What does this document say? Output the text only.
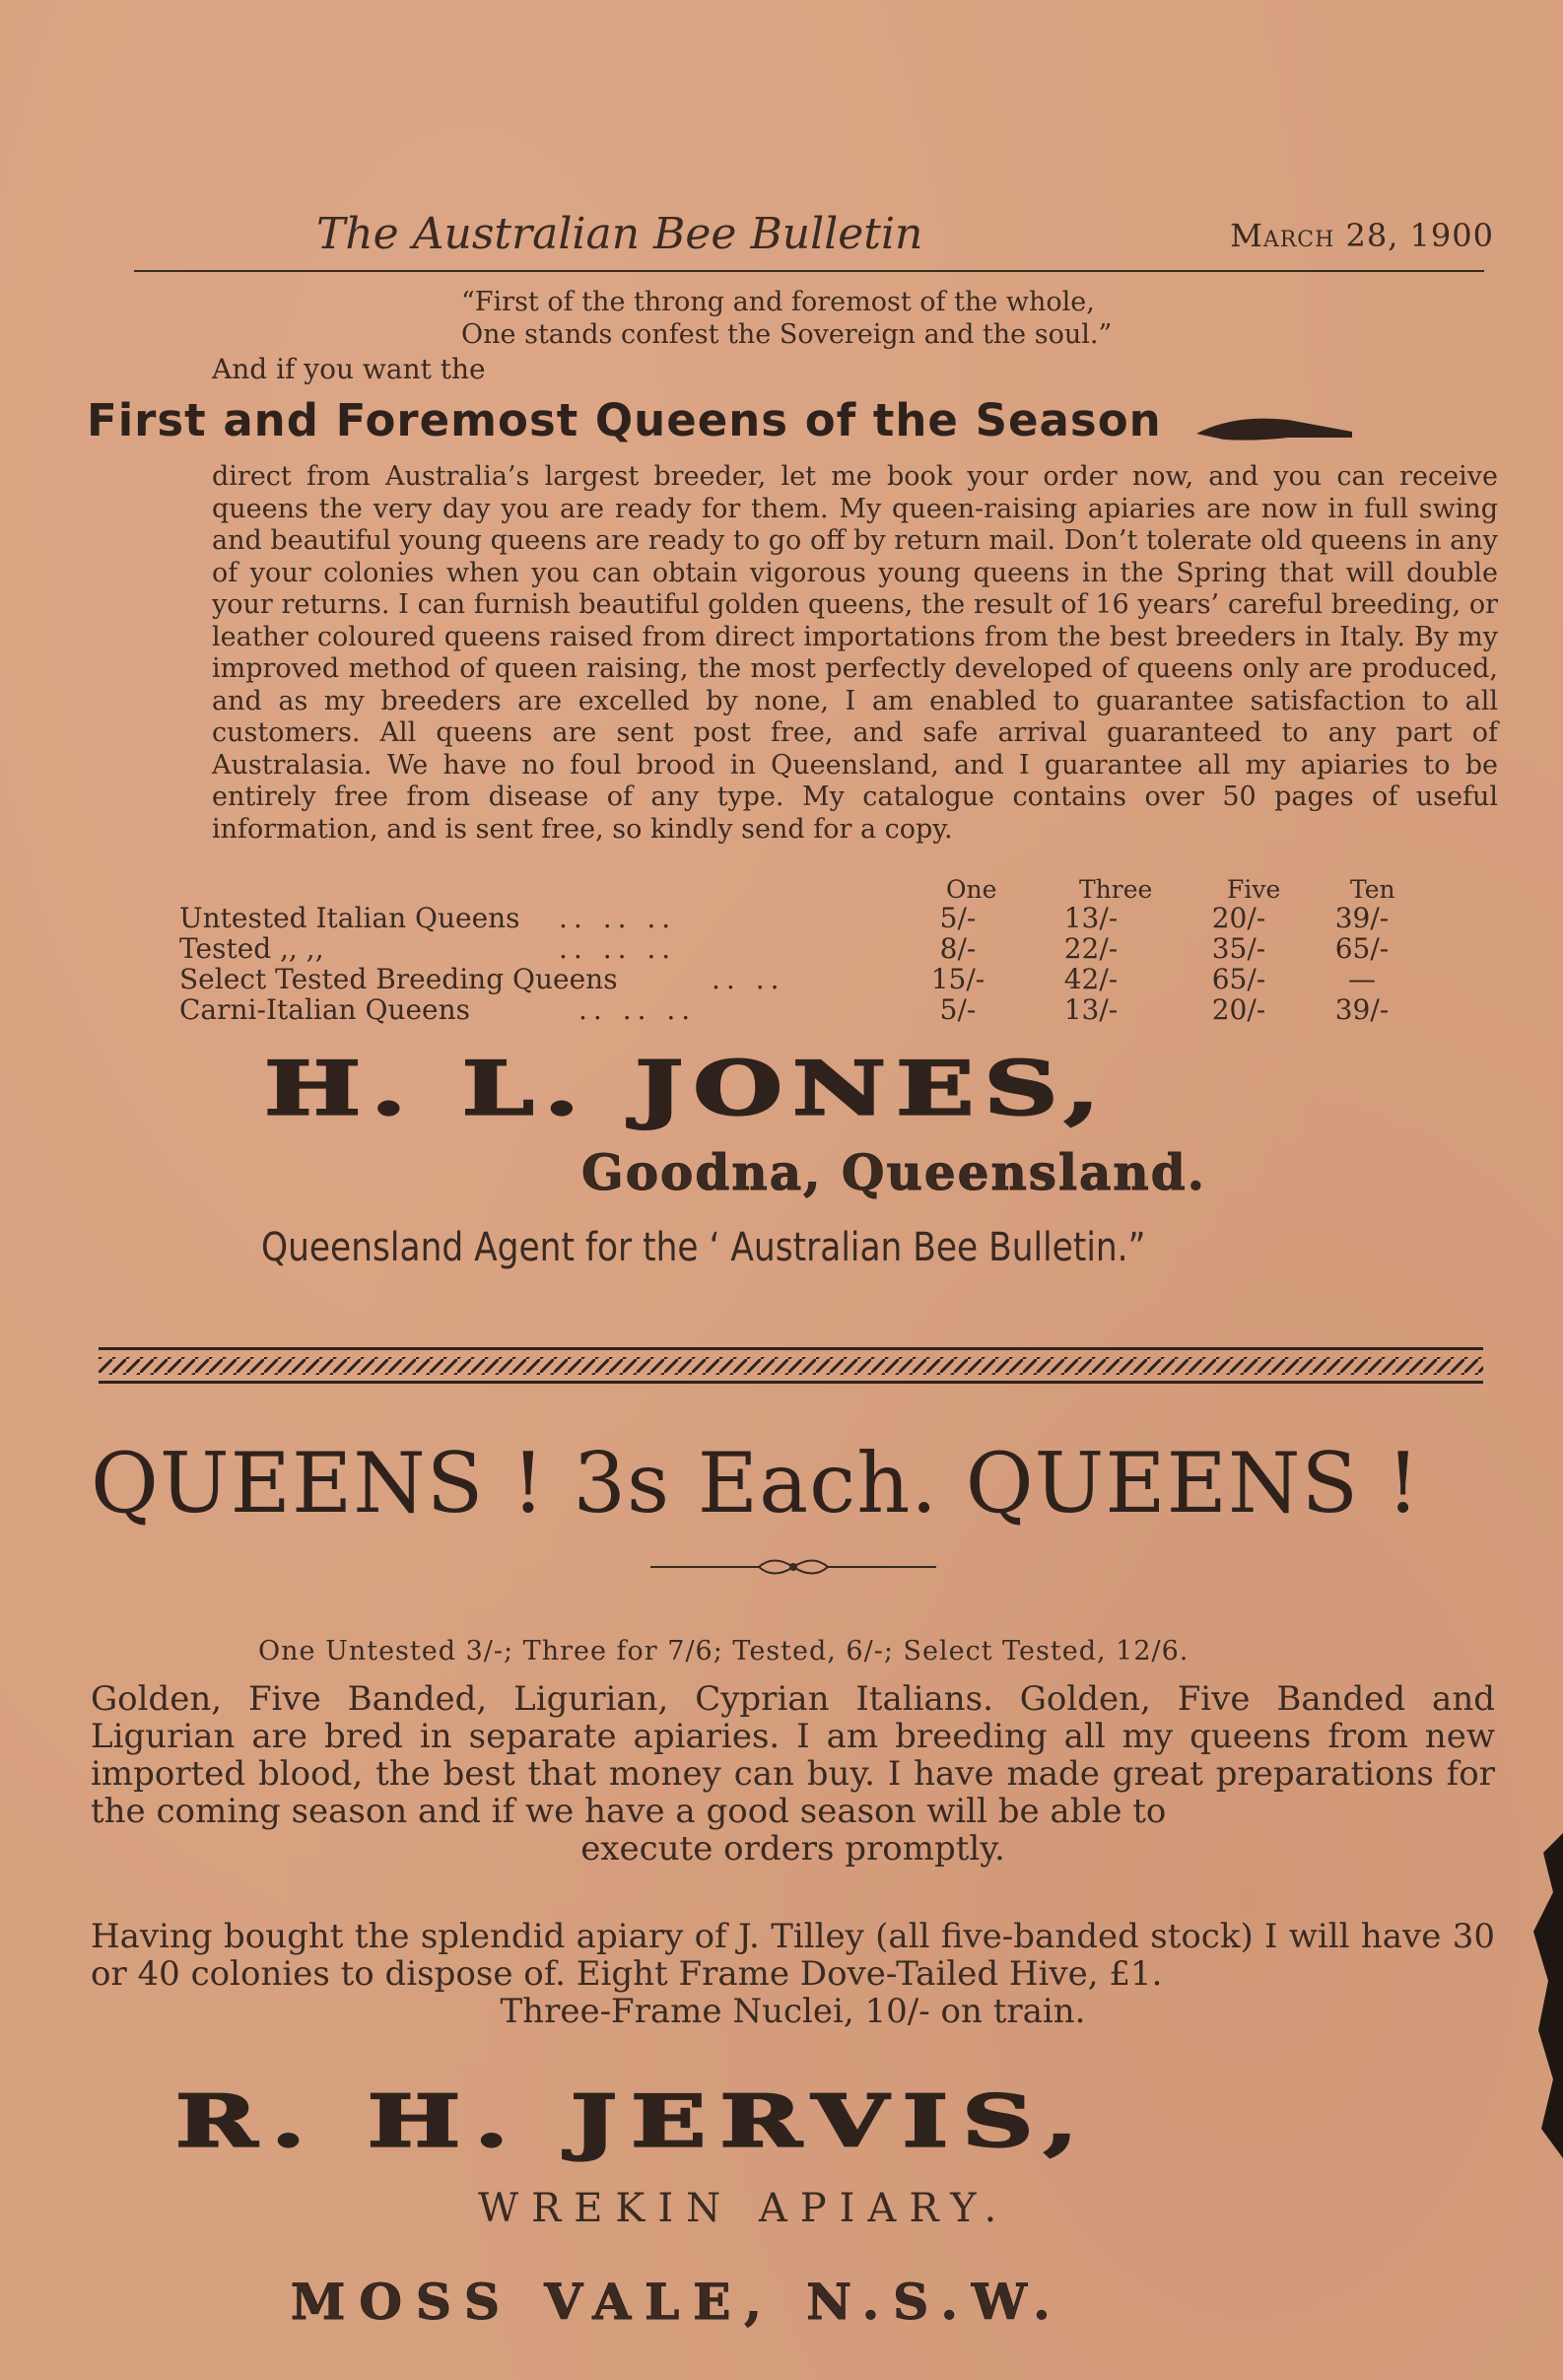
The Australian Bee Bulletin	March 28, 1900
“First of the throng and foremost of the whole,
One stands confest the Sovereign and the soul.”
And if you want the
First and Foremost Queens of the Season
direct from Australia’s largest breeder, let me book your order now, and you can receive queens the very day you are ready for them. My queen-raising apiaries are now in full swing and beautiful young queens are ready to go off by return mail. Don’t tolerate old queens in any of your colonies when you can obtain vigorous young queens in the Spring that will double your returns. I can furnish beautiful golden queens, the result of 16 years’ careful breeding, or leather coloured queens raised from direct importations from the best breeders in Italy. By my improved method of queen raising, the most perfectly developed of queens only are produced, and as my breeders are excelled by none, I am enabled to guarantee satisfaction to all customers. All queens are sent post free, and safe arrival guaranteed to any part of Australasia. We have no foul brood in Queensland, and I guarantee all my apiaries to be entirely free from disease of any type. My catalogue contains over 50 pages of useful information, and is sent free, so kindly send for a copy.
One	Three	Five	Ten
Untested Italian Queens .. .. ..	5/-	13/-	20/-	39/-
Tested ,, ,,	.. .. ..	8/-	22/-	35/-	65/-
Select Tested Breeding Queens	.. ..	15/-	42/-	65/-	—
Carni-Italian Queens	.. .. ..	5/-	13/-	20/-	39/-
H. L. JONES,
Goodna, Queensland.
Queensland Agent for the ‘ Australian Bee Bulletin.”
QUEENS ! 3s Each. QUEENS !
One Untested 3/-; Three for 7/6; Tested, 6/-; Select Tested, 12/6.
Golden, Five Banded, Ligurian, Cyprian Italians. Golden, Five Banded and Ligurian are bred in separate apiaries. I am breeding all my queens from new imported blood, the best that money can buy. I have made great preparations for the coming season and if we have a good season will be able to
execute orders promptly.
Having bought the splendid apiary of J. Tilley (all five-banded stock) I will have 30 or 40 colonies to dispose of. Eight Frame Dove-Tailed Hive, £1.
Three-Frame Nuclei, 10/- on train.
R. H. JERVIS,
WREKIN APIARY.
MOSS VALE, N.S.W.
